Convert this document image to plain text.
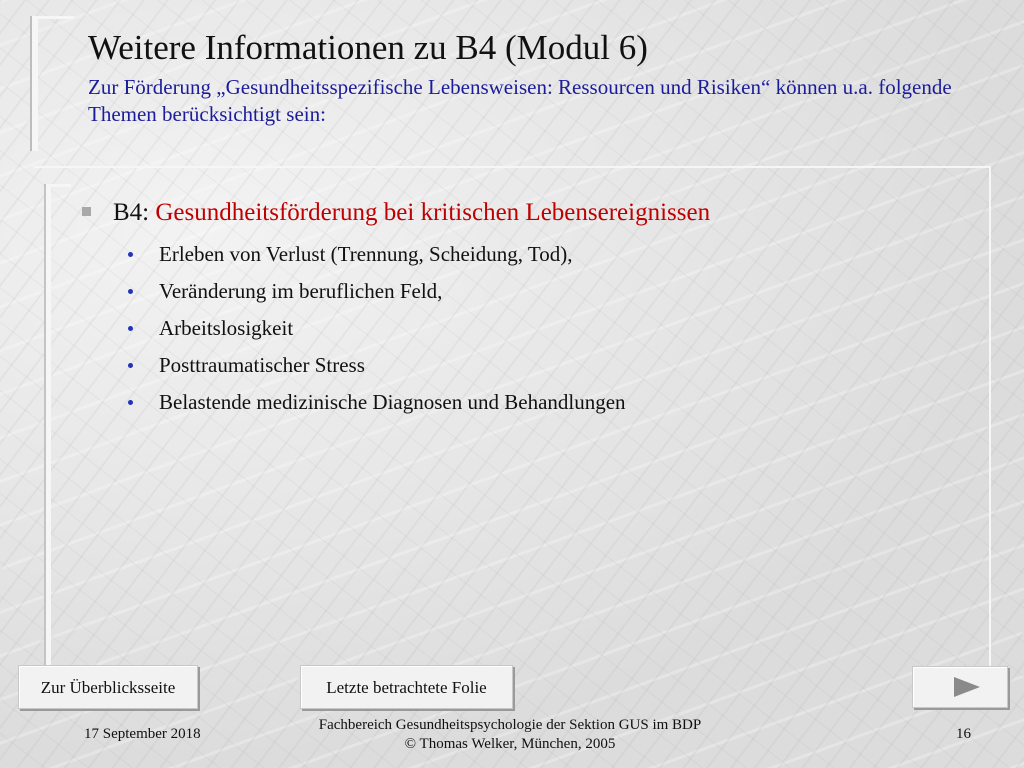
Weitere Informationen zu B4 (Modul 6)

Zur Förderung „Gesundheitsspezifische Lebensweisen: Ressourcen und Risiken“ können u.a. folgende Themen berücksichtigt sein:

B4: Gesundheitsförderung bei kritischen Lebensereignissen
Erleben von Verlust (Trennung, Scheidung, Tod),
Veränderung im beruflichen Feld,
Arbeitslosigkeit
Posttraumatischer Stress
Belastende medizinische Diagnosen und Behandlungen
Zur Überblicksseite	Letzte betrachtete Folie
17 September 2018
Fachbereich Gesundheitspsychologie der Sektion GUS im BDP
© Thomas Welker, München, 2005
16
